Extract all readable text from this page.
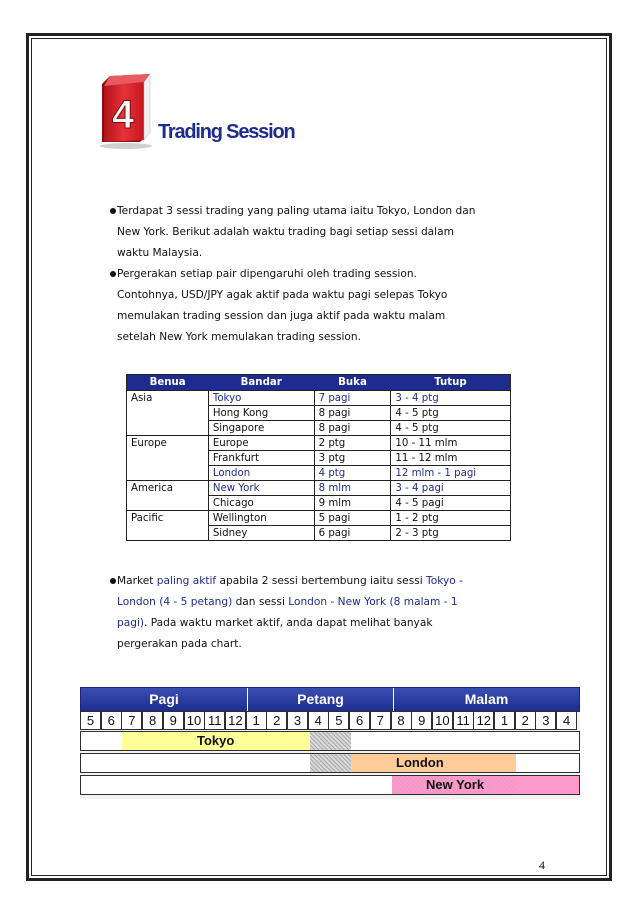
4 Trading Session
Terdapat 3 sessi trading yang paling utama iaitu Tokyo, London dan
New York. Berikut adalah waktu trading bagi setiap sessi dalam
waktu Malaysia.
Pergerakan setiap pair dipengaruhi oleh trading session.
Contohnya, USD/JPY agak aktif pada waktu pagi selepas Tokyo
memulakan trading session dan juga aktif pada waktu malam
setelah New York memulakan trading session.
Benua	Bandar	Buka	Tutup
Asia	Tokyo	7 pagi	3 - 4 ptg
	Hong Kong	8 pagi	4 - 5 ptg
	Singapore	8 pagi	4 - 5 ptg
Europe	Europe	2 ptg	10 - 11 mlm
	Frankfurt	3 ptg	11 - 12 mlm
	London	4 ptg	12 mlm - 1 pagi
America	New York	8 mlm	3 - 4 pagi
	Chicago	9 mlm	4 - 5 pagi
Pacific	Wellington	5 pagi	1 - 2 ptg
	Sidney	6 pagi	2 - 3 ptg
Market paling aktif apabila 2 sessi bertembung iaitu sessi Tokyo -
London (4 - 5 petang) dan sessi London - New York (8 malam - 1
pagi). Pada waktu market aktif, anda dapat melihat banyak
pergerakan pada chart.
Pagi	Petang	Malam
5	6	7	8	9 10 11 12 1	2	3	4	5	6	7	8	9 10 11 12 1	2	3	4
Tokyo
London
New York
4
